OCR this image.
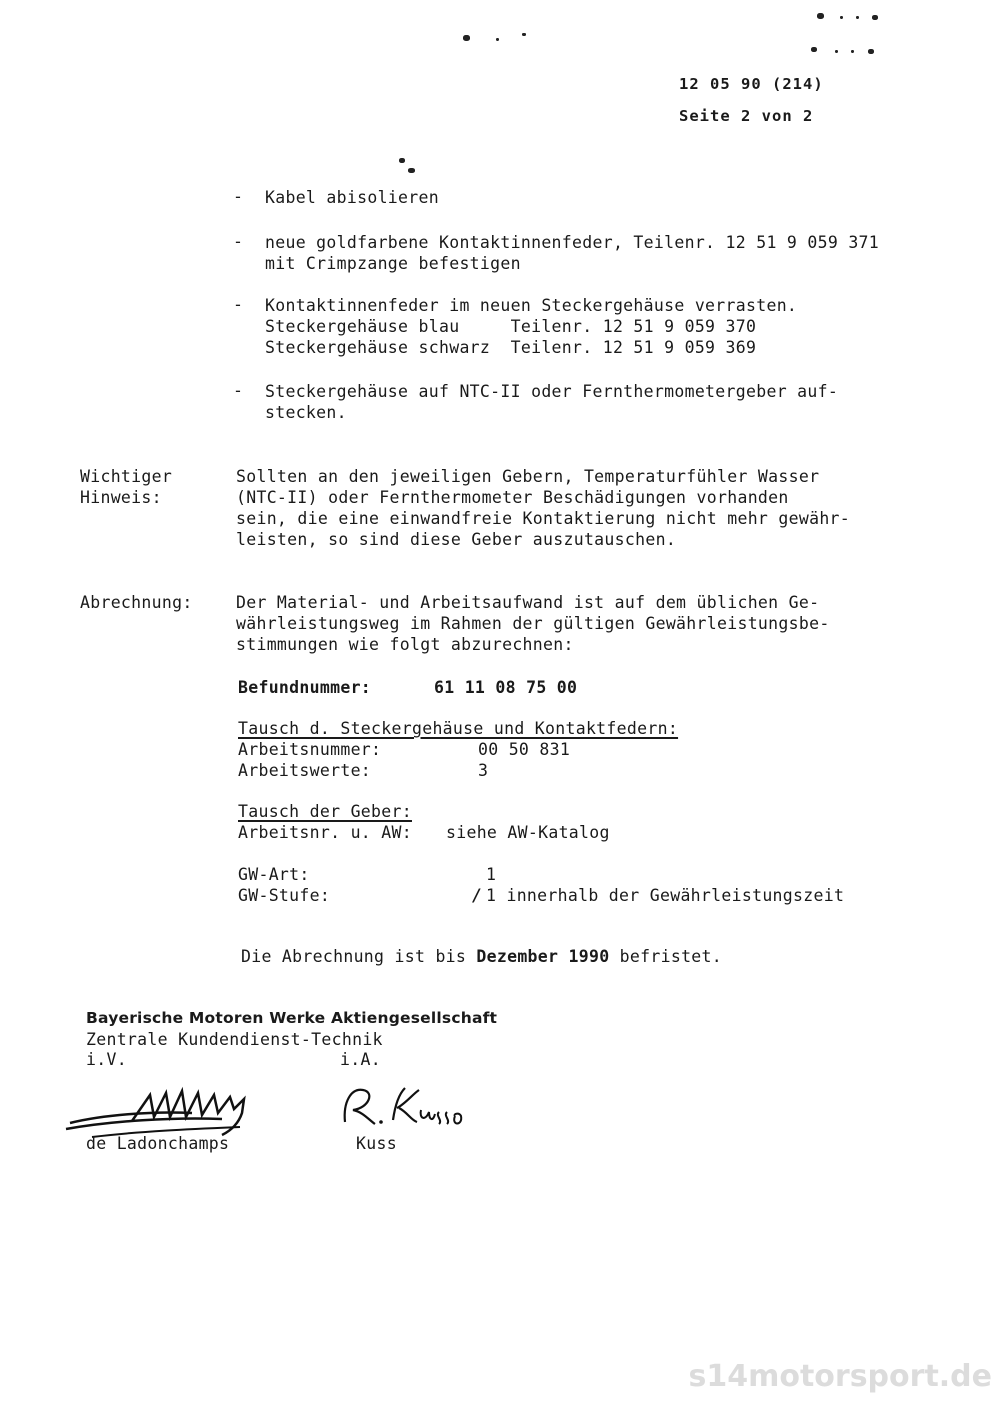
12 05 90 (214)
Seite 2 von 2
- Kabel abisolieren
- neue goldfarbene Kontaktinnenfeder, Teilenr. 12 51 9 059 371
mit Crimpzange befestigen
- Kontaktinnenfeder im neuen Steckergehäuse verrasten.
Steckergehäuse blau     Teilenr. 12 51 9 059 370
Steckergehäuse schwarz  Teilenr. 12 51 9 059 369
- Steckergehäuse auf NTC-II oder Fernthermometergeber auf-
stecken.
Wichtiger
Hinweis:
Sollten an den jeweiligen Gebern, Temperaturfühler Wasser
(NTC-II) oder Fernthermometer Beschädigungen vorhanden
sein, die eine einwandfreie Kontaktierung nicht mehr gewähr-
leisten, so sind diese Geber auszutauschen.
Abrechnung:	Der Material- und Arbeitsaufwand ist auf dem üblichen Ge-
währleistungsweg im Rahmen der gültigen Gewährleistungsbe-
stimmungen wie folgt abzurechnen:
Befundnummer:	61 11 08 75 00
Tausch d. Steckergehäuse und Kontaktfedern:
Arbeitsnummer:	00 50 831
Arbeitswerte:	3
Tausch der Geber:
Arbeitsnr. u. AW: siehe AW-Katalog
GW-Art:	1
GW-Stufe:	/ 1 innerhalb der Gewährleistungszeit
Die Abrechnung ist bis Dezember 1990 befristet.
Bayerische Motoren Werke Aktiengesellschaft
Zentrale Kundendienst-Technik
i.V.	i.A.
de Ladonchamps	Kuss
s14motorsport.de
